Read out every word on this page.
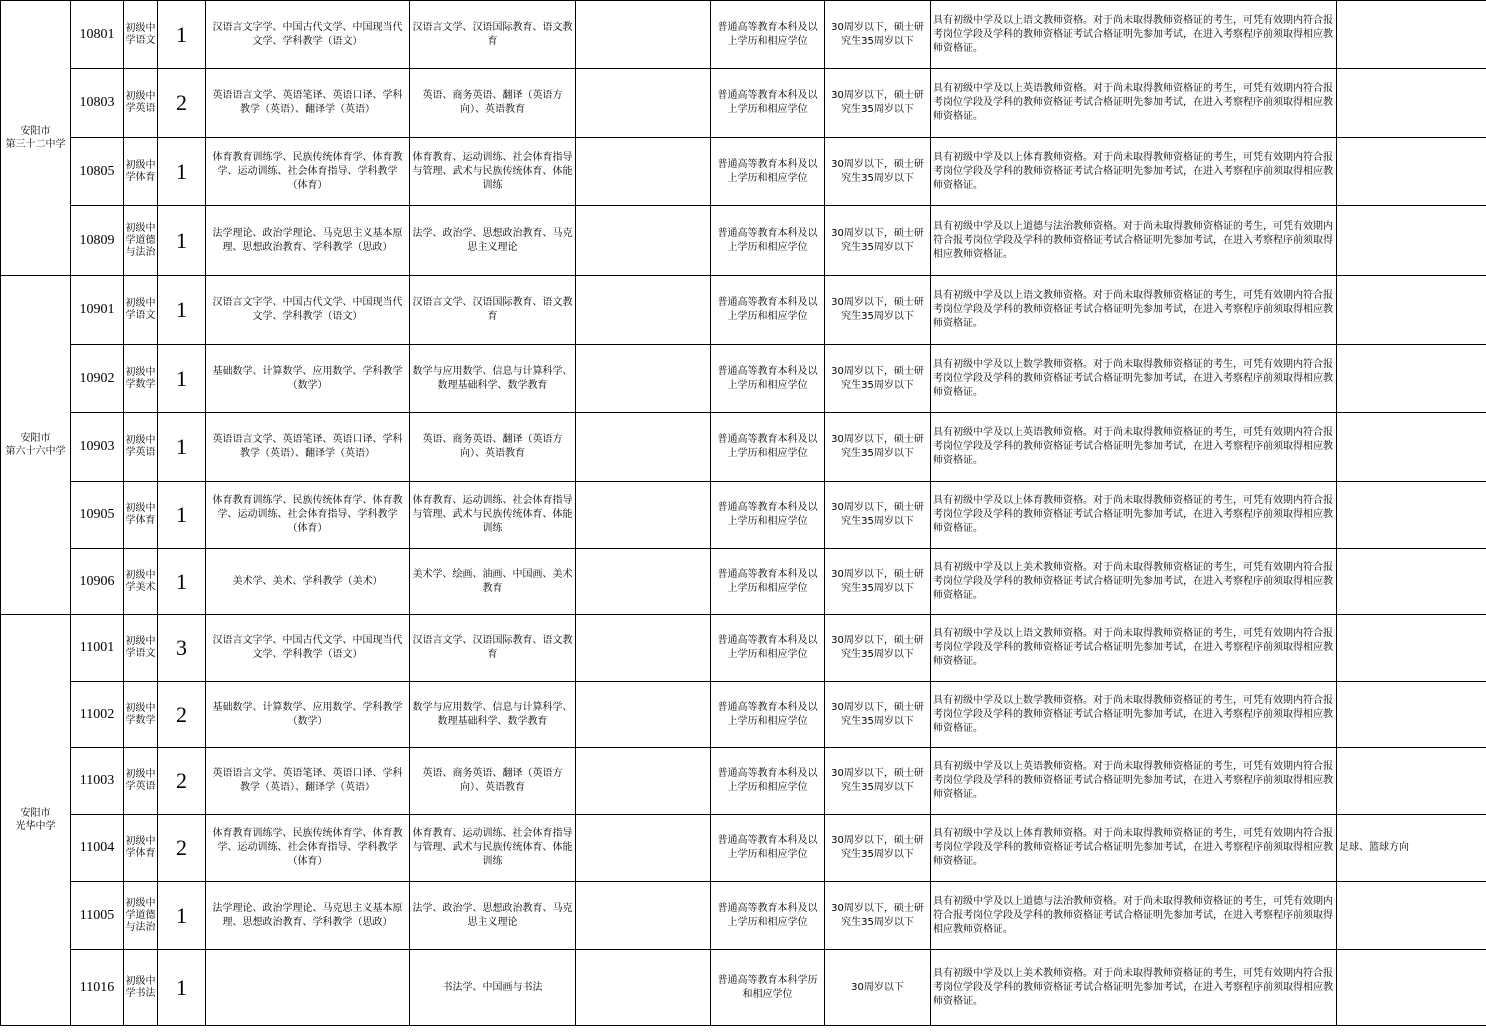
安阳市
第三十二中学	10801	初级中学语文	1	汉语言文字学、中国古代文学、中国现当代文学、学科教学（语文）	汉语言文学、汉语国际教育、语文教育		普通高等教育本科及以上学历和相应学位	30周岁以下，硕士研究生35周岁以下	具有初级中学及以上语文教师资格。对于尚未取得教师资格证的考生，可凭有效期内符合报考岗位学段及学科的教师资格证考试合格证明先参加考试，在进入考察程序前须取得相应教师资格证。	
	10803	初级中学英语	2	英语语言文学、英语笔译、英语口译、学科教学（英语）、翻译学（英语）	英语、商务英语、翻译（英语方向）、英语教育		普通高等教育本科及以上学历和相应学位	30周岁以下，硕士研究生35周岁以下	具有初级中学及以上英语教师资格。对于尚未取得教师资格证的考生，可凭有效期内符合报考岗位学段及学科的教师资格证考试合格证明先参加考试，在进入考察程序前须取得相应教师资格证。	
	10805	初级中学体育	1	体育教育训练学、民族传统体育学、体育教学、运动训练、社会体育指导、学科教学（体育）	体育教育、运动训练、社会体育指导与管理、武术与民族传统体育、体能训练		普通高等教育本科及以上学历和相应学位	30周岁以下，硕士研究生35周岁以下	具有初级中学及以上体育教师资格。对于尚未取得教师资格证的考生，可凭有效期内符合报考岗位学段及学科的教师资格证考试合格证明先参加考试，在进入考察程序前须取得相应教师资格证。	
	10809	初级中学道德与法治	1	法学理论、政治学理论、马克思主义基本原理、思想政治教育、学科教学（思政）	法学、政治学、思想政治教育、马克思主义理论		普通高等教育本科及以上学历和相应学位	30周岁以下，硕士研究生35周岁以下	具有初级中学及以上道德与法治教师资格。对于尚未取得教师资格证的考生，可凭有效期内符合报考岗位学段及学科的教师资格证考试合格证明先参加考试，在进入考察程序前须取得相应教师资格证。	
安阳市
第六十六中学	10901	初级中学语文	1	汉语言文字学、中国古代文学、中国现当代文学、学科教学（语文）	汉语言文学、汉语国际教育、语文教育		普通高等教育本科及以上学历和相应学位	30周岁以下，硕士研究生35周岁以下	具有初级中学及以上语文教师资格。对于尚未取得教师资格证的考生，可凭有效期内符合报考岗位学段及学科的教师资格证考试合格证明先参加考试，在进入考察程序前须取得相应教师资格证。	
	10902	初级中学数学	1	基础数学、计算数学、应用数学、学科教学（数学）	数学与应用数学、信息与计算科学、数理基础科学、数学教育		普通高等教育本科及以上学历和相应学位	30周岁以下，硕士研究生35周岁以下	具有初级中学及以上数学教师资格。对于尚未取得教师资格证的考生，可凭有效期内符合报考岗位学段及学科的教师资格证考试合格证明先参加考试，在进入考察程序前须取得相应教师资格证。	
	10903	初级中学英语	1	英语语言文学、英语笔译、英语口译、学科教学（英语）、翻译学（英语）	英语、商务英语、翻译（英语方向）、英语教育		普通高等教育本科及以上学历和相应学位	30周岁以下，硕士研究生35周岁以下	具有初级中学及以上英语教师资格。对于尚未取得教师资格证的考生，可凭有效期内符合报考岗位学段及学科的教师资格证考试合格证明先参加考试，在进入考察程序前须取得相应教师资格证。	
	10905	初级中学体育	1	体育教育训练学、民族传统体育学、体育教学、运动训练、社会体育指导、学科教学（体育）	体育教育、运动训练、社会体育指导与管理、武术与民族传统体育、体能训练		普通高等教育本科及以上学历和相应学位	30周岁以下，硕士研究生35周岁以下	具有初级中学及以上体育教师资格。对于尚未取得教师资格证的考生，可凭有效期内符合报考岗位学段及学科的教师资格证考试合格证明先参加考试，在进入考察程序前须取得相应教师资格证。	
	10906	初级中学美术	1	美术学、美术、学科教学（美术）	美术学、绘画、油画、中国画、美术教育		普通高等教育本科及以上学历和相应学位	30周岁以下，硕士研究生35周岁以下	具有初级中学及以上美术教师资格。对于尚未取得教师资格证的考生，可凭有效期内符合报考岗位学段及学科的教师资格证考试合格证明先参加考试，在进入考察程序前须取得相应教师资格证。	
安阳市
光华中学	11001	初级中学语文	3	汉语言文字学、中国古代文学、中国现当代文学、学科教学（语文）	汉语言文学、汉语国际教育、语文教育		普通高等教育本科及以上学历和相应学位	30周岁以下，硕士研究生35周岁以下	具有初级中学及以上语文教师资格。对于尚未取得教师资格证的考生，可凭有效期内符合报考岗位学段及学科的教师资格证考试合格证明先参加考试，在进入考察程序前须取得相应教师资格证。	
	11002	初级中学数学	2	基础数学、计算数学、应用数学、学科教学（数学）	数学与应用数学、信息与计算科学、数理基础科学、数学教育		普通高等教育本科及以上学历和相应学位	30周岁以下，硕士研究生35周岁以下	具有初级中学及以上数学教师资格。对于尚未取得教师资格证的考生，可凭有效期内符合报考岗位学段及学科的教师资格证考试合格证明先参加考试，在进入考察程序前须取得相应教师资格证。	
	11003	初级中学英语	2	英语语言文学、英语笔译、英语口译、学科教学（英语）、翻译学（英语）	英语、商务英语、翻译（英语方向）、英语教育		普通高等教育本科及以上学历和相应学位	30周岁以下，硕士研究生35周岁以下	具有初级中学及以上英语教师资格。对于尚未取得教师资格证的考生，可凭有效期内符合报考岗位学段及学科的教师资格证考试合格证明先参加考试，在进入考察程序前须取得相应教师资格证。	
	11004	初级中学体育	2	体育教育训练学、民族传统体育学、体育教学、运动训练、社会体育指导、学科教学（体育）	体育教育、运动训练、社会体育指导与管理、武术与民族传统体育、体能训练		普通高等教育本科及以上学历和相应学位	30周岁以下，硕士研究生35周岁以下	具有初级中学及以上体育教师资格。对于尚未取得教师资格证的考生，可凭有效期内符合报考岗位学段及学科的教师资格证考试合格证明先参加考试，在进入考察程序前须取得相应教师资格证。	足球、篮球方向
	11005	初级中学道德与法治	1	法学理论、政治学理论、马克思主义基本原理、思想政治教育、学科教学（思政）	法学、政治学、思想政治教育、马克思主义理论		普通高等教育本科及以上学历和相应学位	30周岁以下，硕士研究生35周岁以下	具有初级中学及以上道德与法治教师资格。对于尚未取得教师资格证的考生，可凭有效期内符合报考岗位学段及学科的教师资格证考试合格证明先参加考试，在进入考察程序前须取得相应教师资格证。	
	11016	初级中学书法	1		书法学、中国画与书法		普通高等教育本科学历和相应学位	30周岁以下	具有初级中学及以上美术教师资格。对于尚未取得教师资格证的考生，可凭有效期内符合报考岗位学段及学科的教师资格证考试合格证明先参加考试，在进入考察程序前须取得相应教师资格证。	
